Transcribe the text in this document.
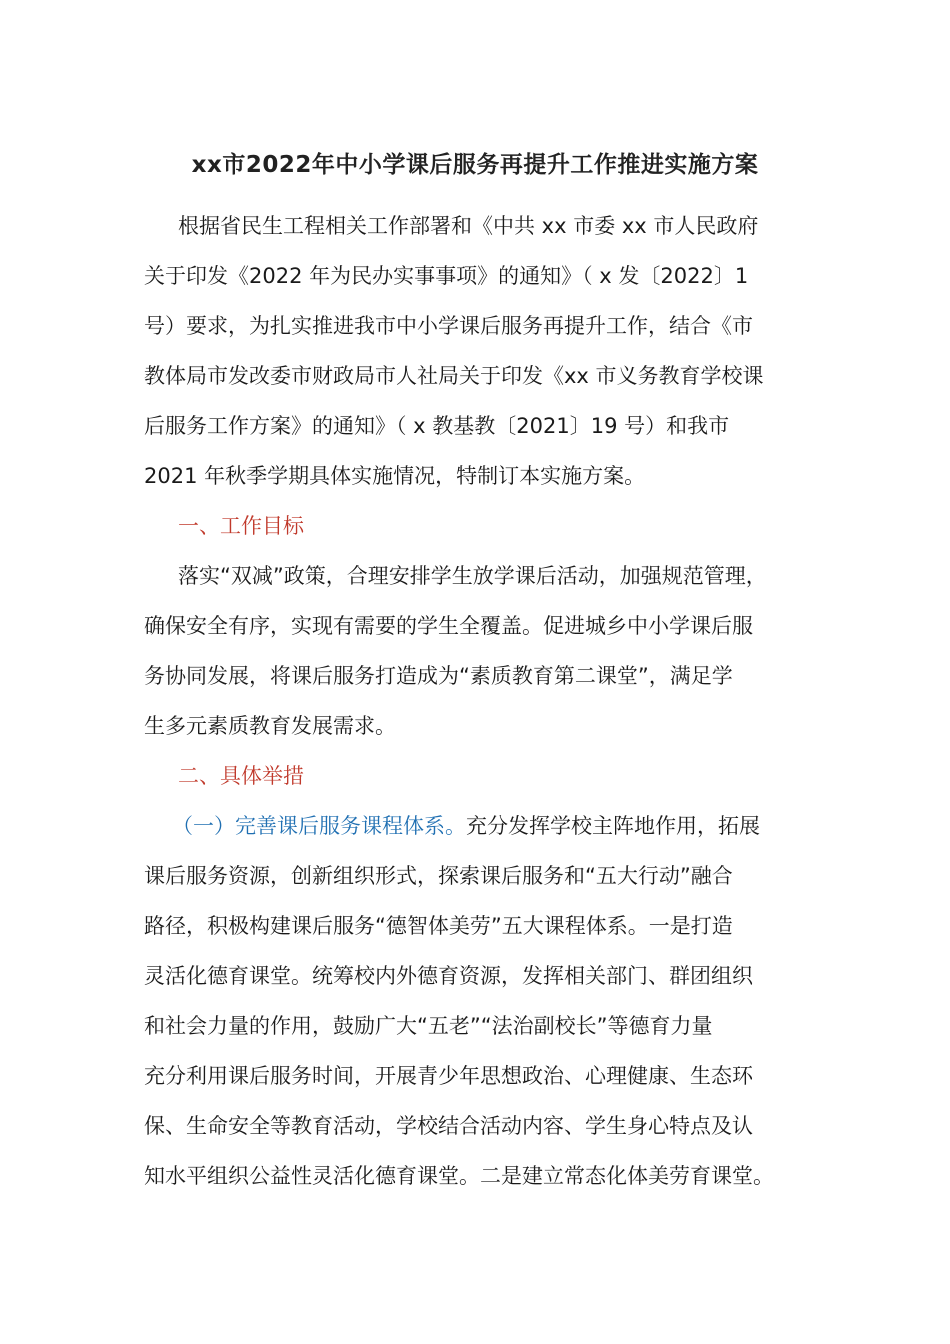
xx市2022年中小学课后服务再提升工作推进实施方案
根据省民生工程相关工作部署和《中共 xx 市委 xx 市人民政府
关于印发《2022 年为民办实事事项》的通知》（ x 发〔2022〕1
号）要求，为扎实推进我市中小学课后服务再提升工作，结合《市
教体局市发改委市财政局市人社局关于印发《xx 市义务教育学校课
后服务工作方案》的通知》（ x 教基教〔2021〕19 号）和我市
2021 年秋季学期具体实施情况，特制订本实施方案。
一、工作目标
落实“双减”政策，合理安排学生放学课后活动，加强规范管理，
确保安全有序，实现有需要的学生全覆盖。促进城乡中小学课后服
务协同发展，将课后服务打造成为“素质教育第二课堂”，满足学
生多元素质教育发展需求。
二、具体举措
（一）完善课后服务课程体系。充分发挥学校主阵地作用，拓展
课后服务资源，创新组织形式，探索课后服务和“五大行动”融合
路径，积极构建课后服务“德智体美劳”五大课程体系。一是打造
灵活化德育课堂。统筹校内外德育资源，发挥相关部门、群团组织
和社会力量的作用，鼓励广大“五老”“法治副校长”等德育力量
充分利用课后服务时间，开展青少年思想政治、心理健康、生态环
保、生命安全等教育活动，学校结合活动内容、学生身心特点及认
知水平组织公益性灵活化德育课堂。二是建立常态化体美劳育课堂。
